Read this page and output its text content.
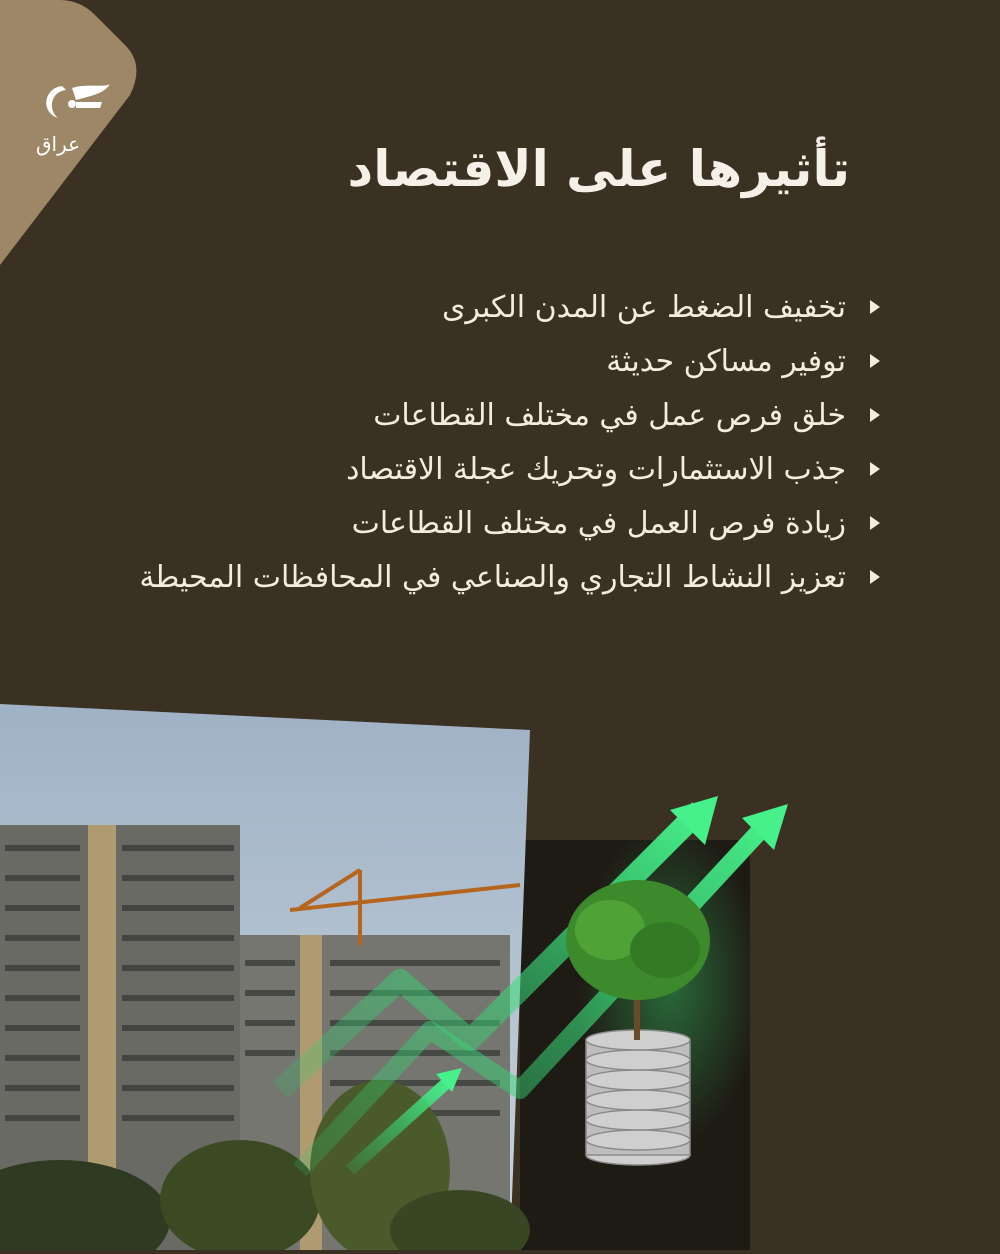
عراق	تأثيرها على الاقتصاد
تخفيف الضغط عن المدن الكبرى
توفير مساكن حديثة
خلق فرص عمل في مختلف القطاعات
جذب الاستثمارات وتحريك عجلة الاقتصاد
زيادة فرص العمل في مختلف القطاعات
تعزيز النشاط التجاري والصناعي في المحافظات المحيطة
